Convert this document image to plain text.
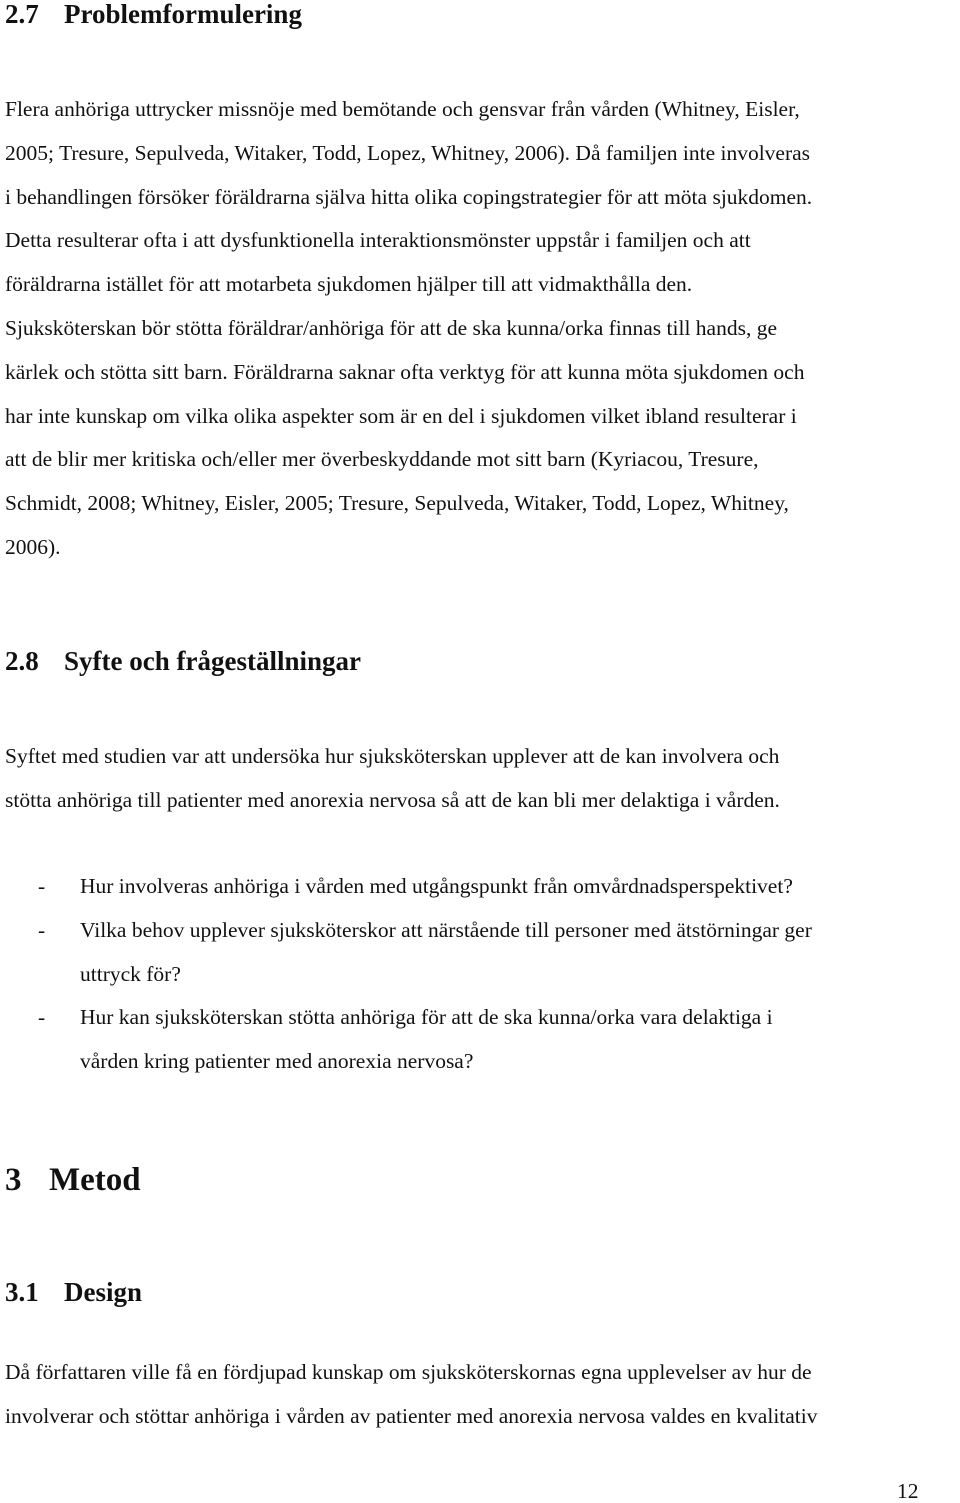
2.7 Problemformulering
Flera anhöriga uttrycker missnöje med bemötande och gensvar från vården (Whitney, Eisler,
2005; Tresure, Sepulveda, Witaker, Todd, Lopez, Whitney, 2006). Då familjen inte involveras
i behandlingen försöker föräldrarna själva hitta olika copingstrategier för att möta sjukdomen.
Detta resulterar ofta i att dysfunktionella interaktionsmönster uppstår i familjen och att
föräldrarna istället för att motarbeta sjukdomen hjälper till att vidmakthålla den.
Sjuksköterskan bör stötta föräldrar/anhöriga för att de ska kunna/orka finnas till hands, ge
kärlek och stötta sitt barn. Föräldrarna saknar ofta verktyg för att kunna möta sjukdomen och
har inte kunskap om vilka olika aspekter som är en del i sjukdomen vilket ibland resulterar i
att de blir mer kritiska och/eller mer överbeskyddande mot sitt barn (Kyriacou, Tresure,
Schmidt, 2008; Whitney, Eisler, 2005; Tresure, Sepulveda, Witaker, Todd, Lopez, Whitney,
2006).
2.8 Syfte och frågeställningar
Syftet med studien var att undersöka hur sjuksköterskan upplever att de kan involvera och
stötta anhöriga till patienter med anorexia nervosa så att de kan bli mer delaktiga i vården.
- Hur involveras anhöriga i vården med utgångspunkt från omvårdnadsperspektivet?
- Vilka behov upplever sjuksköterskor att närstående till personer med ätstörningar ger
uttryck för?
- Hur kan sjuksköterskan stötta anhöriga för att de ska kunna/orka vara delaktiga i
vården kring patienter med anorexia nervosa?
3 Metod
3.1 Design
Då författaren ville få en fördjupad kunskap om sjuksköterskornas egna upplevelser av hur de
involverar och stöttar anhöriga i vården av patienter med anorexia nervosa valdes en kvalitativ
12
